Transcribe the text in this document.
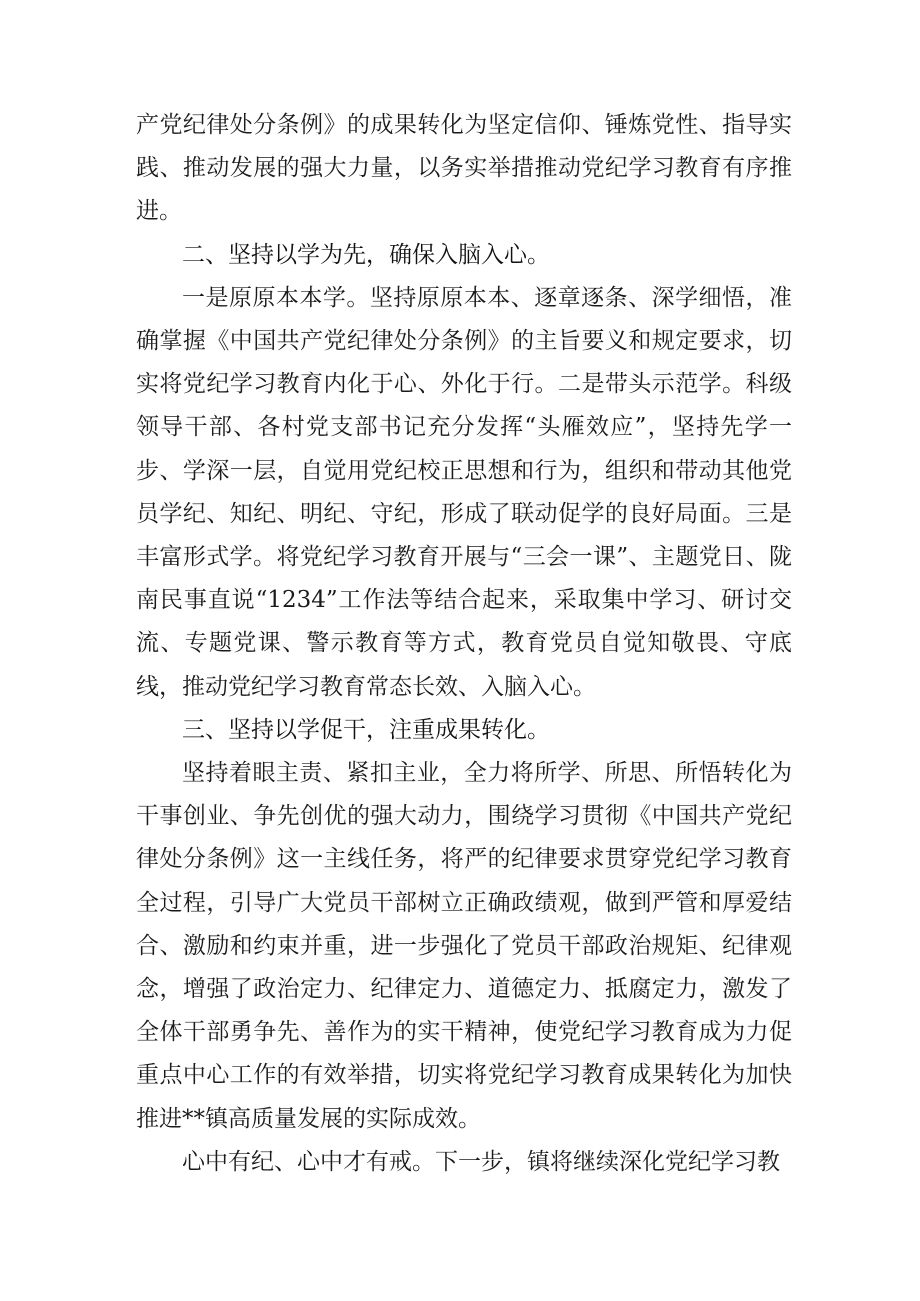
产党纪律处分条例》的成果转化为坚定信仰、锤炼党性、指导实践、推动发展的强大力量，以务实举措推动党纪学习教育有序推进。

二、坚持以学为先，确保入脑入心。

一是原原本本学。坚持原原本本、逐章逐条、深学细悟，准确掌握《中国共产党纪律处分条例》的主旨要义和规定要求，切实将党纪学习教育内化于心、外化于行。二是带头示范学。科级领导干部、各村党支部书记充分发挥“头雁效应”，坚持先学一步、学深一层，自觉用党纪校正思想和行为，组织和带动其他党员学纪、知纪、明纪、守纪，形成了联动促学的良好局面。三是丰富形式学。将党纪学习教育开展与“三会一课”、主题党日、陇南民事直说“1234”工作法等结合起来，采取集中学习、研讨交流、专题党课、警示教育等方式，教育党员自觉知敬畏、守底线，推动党纪学习教育常态长效、入脑入心。

三、坚持以学促干，注重成果转化。

坚持着眼主责、紧扣主业，全力将所学、所思、所悟转化为干事创业、争先创优的强大动力，围绕学习贯彻《中国共产党纪律处分条例》这一主线任务，将严的纪律要求贯穿党纪学习教育全过程，引导广大党员干部树立正确政绩观，做到严管和厚爱结合、激励和约束并重，进一步强化了党员干部政治规矩、纪律观念，增强了政治定力、纪律定力、道德定力、抵腐定力，激发了全体干部勇争先、善作为的实干精神，使党纪学习教育成为力促重点中心工作的有效举措，切实将党纪学习教育成果转化为加快推进**镇高质量发展的实际成效。

心中有纪、心中才有戒。下一步，镇将继续深化党纪学习教
